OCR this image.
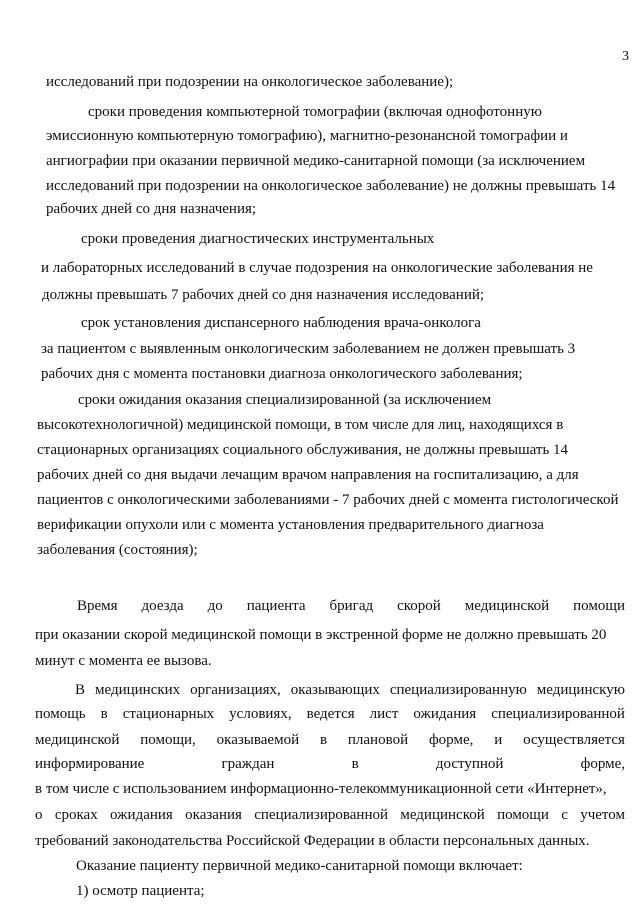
3
исследований при подозрении на онкологическое заболевание);
сроки проведения компьютерной томографии (включая однофотонную
эмиссионную компьютерную томографию), магнитно-резонансной томографии и
ангиографии при оказании первичной медико-санитарной помощи (за исключением
исследований при подозрении на онкологическое заболевание) не должны превышать 14
рабочих дней со дня назначения;
сроки проведения диагностических инструментальных
и лабораторных исследований в случае подозрения на онкологические заболевания не
должны превышать 7 рабочих дней со дня назначения исследований;
срок установления диспансерного наблюдения врача-онколога
за пациентом с выявленным онкологическим заболеванием не должен превышать 3
рабочих дня с момента постановки диагноза онкологического заболевания;
сроки ожидания оказания специализированной (за исключением
высокотехнологичной) медицинской помощи, в том числе для лиц, находящихся в
стационарных организациях социального обслуживания, не должны превышать 14
рабочих дней со дня выдачи лечащим врачом направления на госпитализацию, а для
пациентов с онкологическими заболеваниями - 7 рабочих дней с момента гистологической
верификации опухоли или с момента установления предварительного диагноза
заболевания (состояния);
Время доезда до пациента бригад скорой медицинской помощи
при оказании скорой медицинской помощи в экстренной форме не должно превышать 20
минут с момента ее вызова.
В медицинских организациях, оказывающих специализированную медицинскую
помощь в стационарных условиях, ведется лист ожидания специализированной
медицинской помощи, оказываемой в плановой форме, и осуществляется
информирование	граждан	в	доступной	форме,
в том числе с использованием информационно-телекоммуникационной сети «Интернет»,
о сроках ожидания оказания специализированной медицинской помощи с учетом
требований законодательства Российской Федерации в области персональных данных.
Оказание пациенту первичной медико-санитарной помощи включает:
1) осмотр пациента;
